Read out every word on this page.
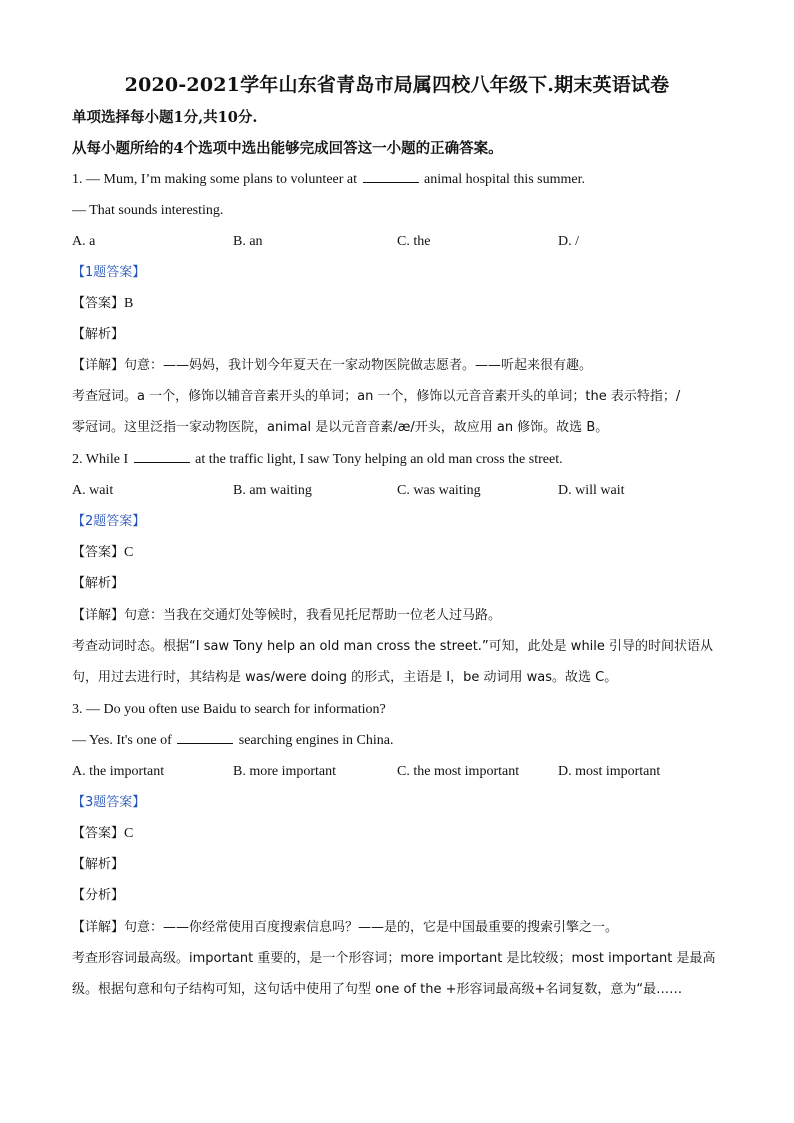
2020-2021学年山东省青岛市局属四校八年级下.期末英语试卷
单项选择每小题1分,共10分.
从每小题所给的4个选项中选出能够完成回答这一小题的正确答案。
1. — Mum, I’m making some plans to volunteer at	animal hospital this summer.
— That sounds interesting.
A. a	B. an	C. the	D. /
【1题答案】
【答案】B
【解析】
【详解】句意：——妈妈，我计划今年夏天在一家动物医院做志愿者。——听起来很有趣。
考查冠词。a 一个，修饰以辅音音素开头的单词；an 一个，修饰以元音音素开头的单词；the 表示特指；/
零冠词。这里泛指一家动物医院，animal 是以元音音素/æ/开头，故应用 an 修饰。故选 B。
2. While I	at the traffic light, I saw Tony helping an old man cross the street.
A. wait	B. am waiting	C. was waiting	D. will wait
【2题答案】
【答案】C
【解析】
【详解】句意：当我在交通灯处等候时，我看见托尼帮助一位老人过马路。
考查动词时态。根据“I saw Tony help an old man cross the street.”可知，此处是 while 引导的时间状语从
句，用过去进行时，其结构是 was/were doing 的形式，主语是 I，be 动词用 was。故选 C。
3. — Do you often use Baidu to search for information?
— Yes. It's one of	searching engines in China.
A. the important	B. more important	C. the most important	D. most important
【3题答案】
【答案】C
【解析】
【分析】
【详解】句意：——你经常使用百度搜索信息吗？——是的，它是中国最重要的搜索引擎之一。
考查形容词最高级。important 重要的，是一个形容词；more important 是比较级；most important 是最高
级。根据句意和句子结构可知，这句话中使用了句型 one of the +形容词最高级+名词复数，意为“最……
